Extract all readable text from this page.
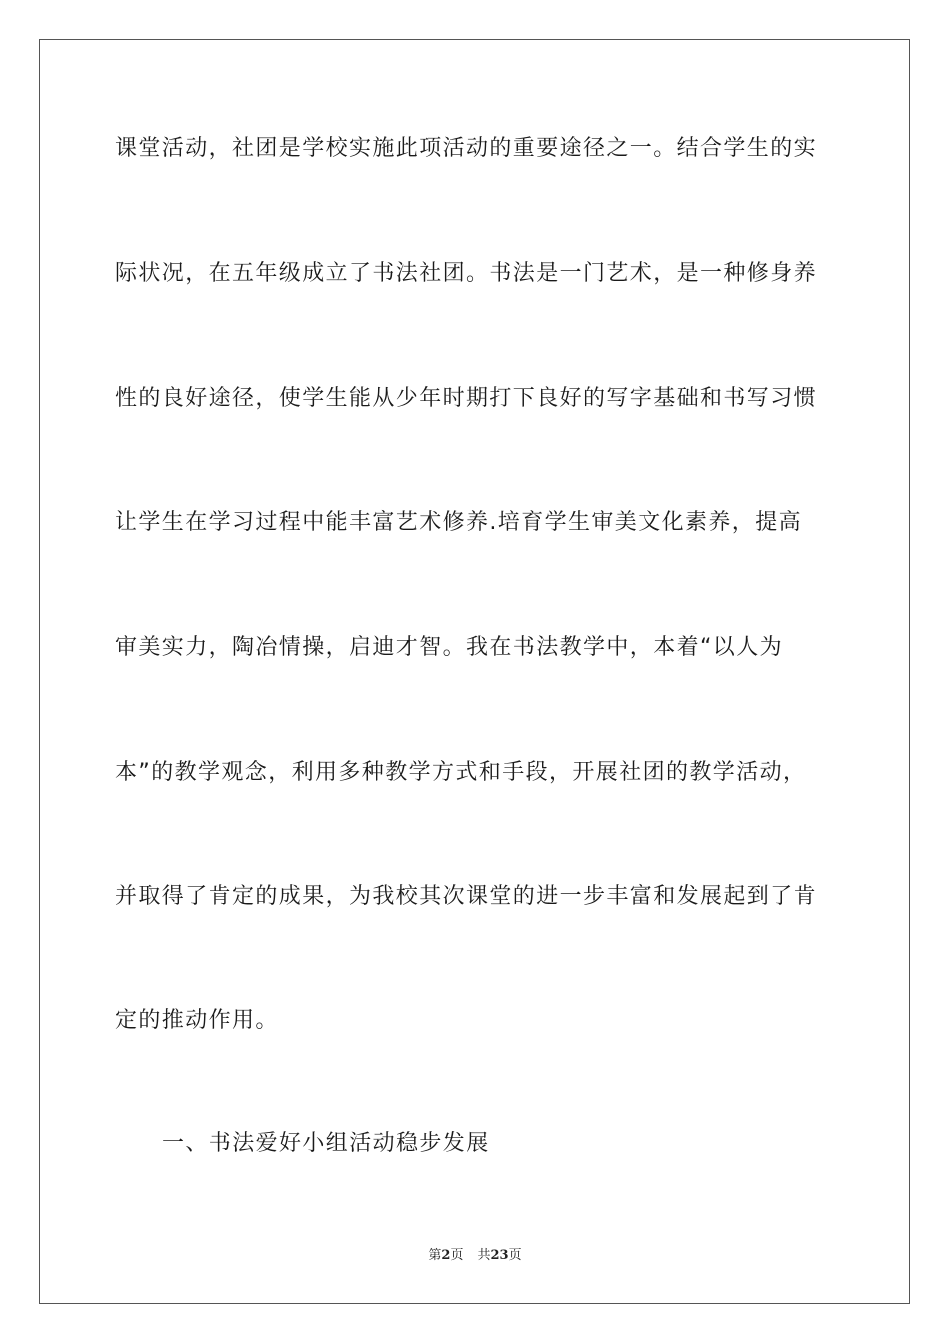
课堂活动，社团是学校实施此项活动的重要途径之一。结合学生的实

际状况，在五年级成立了书法社团。书法是一门艺术，是一种修身养

性的良好途径，使学生能从少年时期打下良好的写字基础和书写习惯

让学生在学习过程中能丰富艺术修养.培育学生审美文化素养，提高

审美实力，陶冶情操，启迪才智。我在书法教学中，本着“以人为

本”的教学观念，利用多种教学方式和手段，开展社团的教学活动，

并取得了肯定的成果，为我校其次课堂的进一步丰富和发展起到了肯

定的推动作用。

一、书法爱好小组活动稳步发展

第2页 共23页
